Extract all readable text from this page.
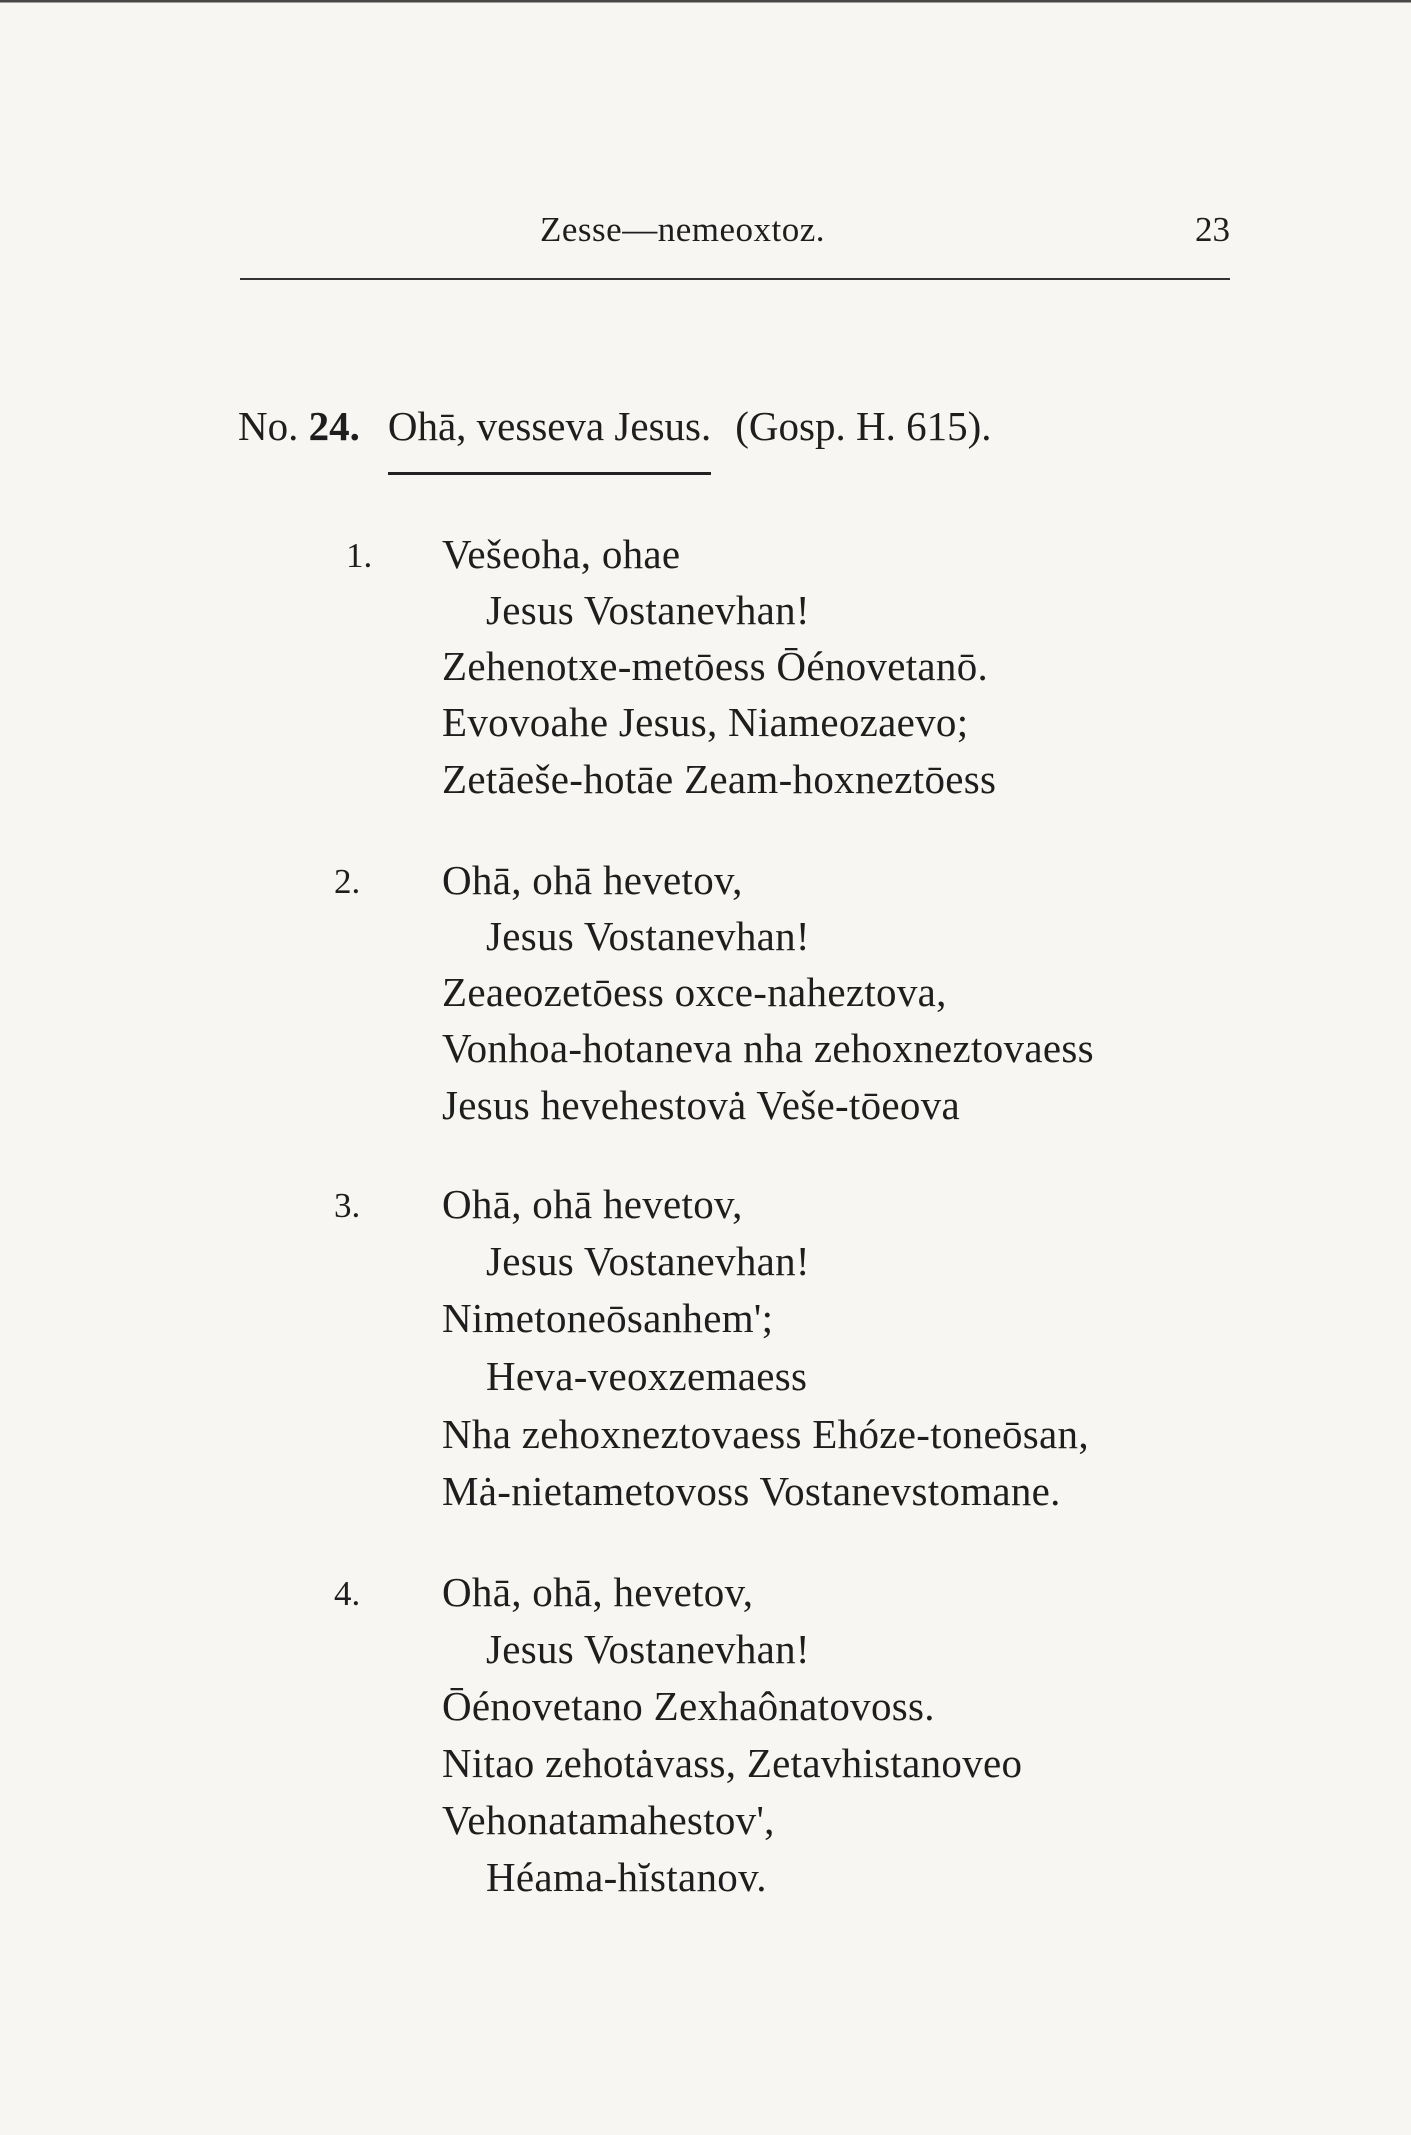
Zesse—nemeoxtoz.	23
No. 24. Ohā, vesseva Jesus. (Gosp. H. 615).
1. Vešeoha, ohae
Jesus Vostanevhan!
Zehenotxe-metōess Ōénovetanō.
Evovoahe Jesus, Niameozaevo;
Zetāeše-hotāe Zeam-hoxneztōess
2. Ohā, ohā hevetov,
Jesus Vostanevhan!
Zeaeozetōess oxce-naheztova,
Vonhoa-hotaneva nha zehoxneztovaess
Jesus hevehestovȧ Veše-tōeova
3. Ohā, ohā hevetov,
Jesus Vostanevhan!
Nimetoneōsanhem';
Heva-veoxzemaess
Nha zehoxneztovaess Ehóze-toneōsan,
Mȧ-nietametovoss Vostanevstomane.
4. Ohā, ohā, hevetov,
Jesus Vostanevhan!
Ōénovetano Zexhaônatovoss.
Nitao zehotȧvass, Zetavhistanoveo
Vehonatamahestov',
Héama-hĭstanov.
